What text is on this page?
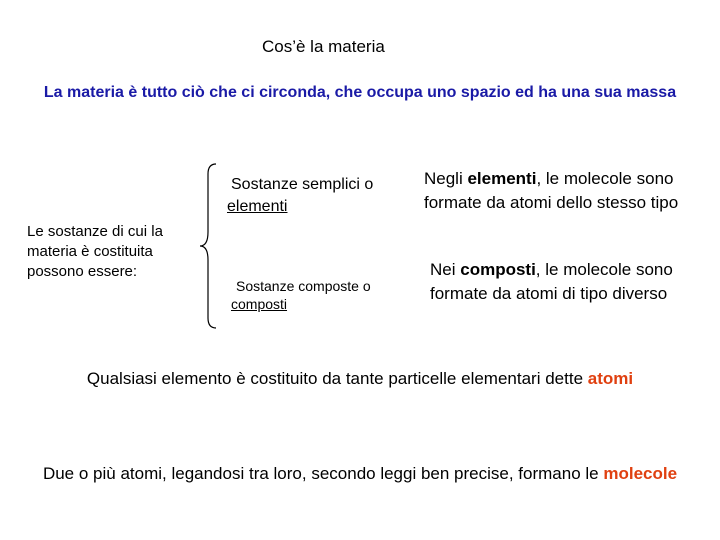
Cos’è la materia
La materia è tutto ciò che ci circonda, che occupa uno spazio ed ha una sua massa
Le sostanze di cui la materia è costituita possono essere:
Sostanze semplici o
elementi
Sostanze composte o
composti
Negli elementi, le molecole sono formate da atomi dello stesso tipo
Nei composti, le molecole sono formate da atomi di tipo diverso
Qualsiasi elemento è costituito da tante particelle elementari dette atomi
Due o più atomi, legandosi tra loro, secondo leggi ben precise, formano le molecole
